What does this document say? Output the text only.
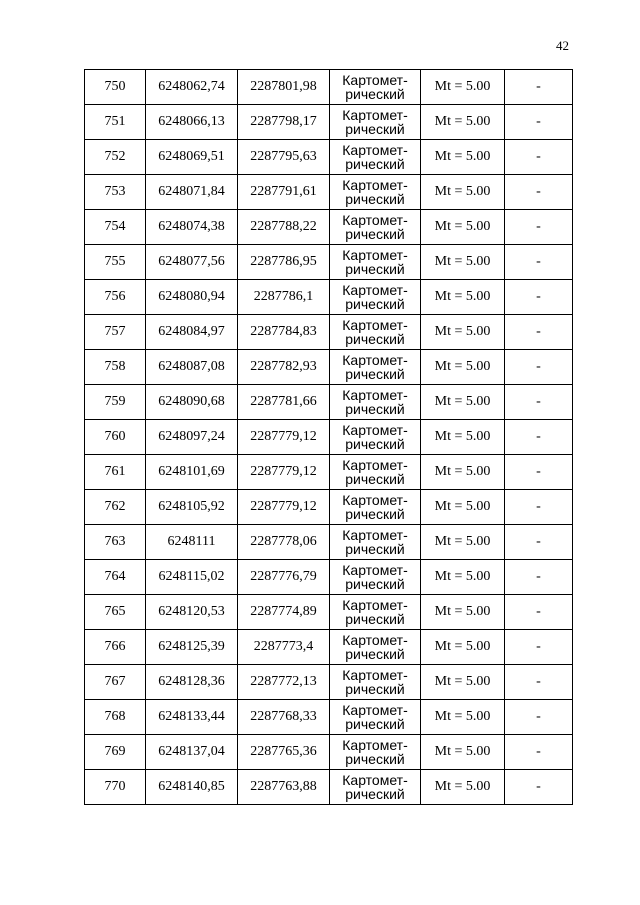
42
750	6248062,74	2287801,98	Картомет-
рический	Mt = 5.00	-
751	6248066,13	2287798,17	Картомет-
рический	Mt = 5.00	-
752	6248069,51	2287795,63	Картомет-
рический	Mt = 5.00	-
753	6248071,84	2287791,61	Картомет-
рический	Mt = 5.00	-
754	6248074,38	2287788,22	Картомет-
рический	Mt = 5.00	-
755	6248077,56	2287786,95	Картомет-
рический	Mt = 5.00	-
756	6248080,94	2287786,1	Картомет-
рический	Mt = 5.00	-
757	6248084,97	2287784,83	Картомет-
рический	Mt = 5.00	-
758	6248087,08	2287782,93	Картомет-
рический	Mt = 5.00	-
759	6248090,68	2287781,66	Картомет-
рический	Mt = 5.00	-
760	6248097,24	2287779,12	Картомет-
рический	Mt = 5.00	-
761	6248101,69	2287779,12	Картомет-
рический	Mt = 5.00	-
762	6248105,92	2287779,12	Картомет-
рический	Mt = 5.00	-
763	6248111	2287778,06	Картомет-
рический	Mt = 5.00	-
764	6248115,02	2287776,79	Картомет-
рический	Mt = 5.00	-
765	6248120,53	2287774,89	Картомет-
рический	Mt = 5.00	-
766	6248125,39	2287773,4	Картомет-
рический	Mt = 5.00	-
767	6248128,36	2287772,13	Картомет-
рический	Mt = 5.00	-
768	6248133,44	2287768,33	Картомет-
рический	Mt = 5.00	-
769	6248137,04	2287765,36	Картомет-
рический	Mt = 5.00	-
770	6248140,85	2287763,88	Картомет-
рический	Mt = 5.00	-
